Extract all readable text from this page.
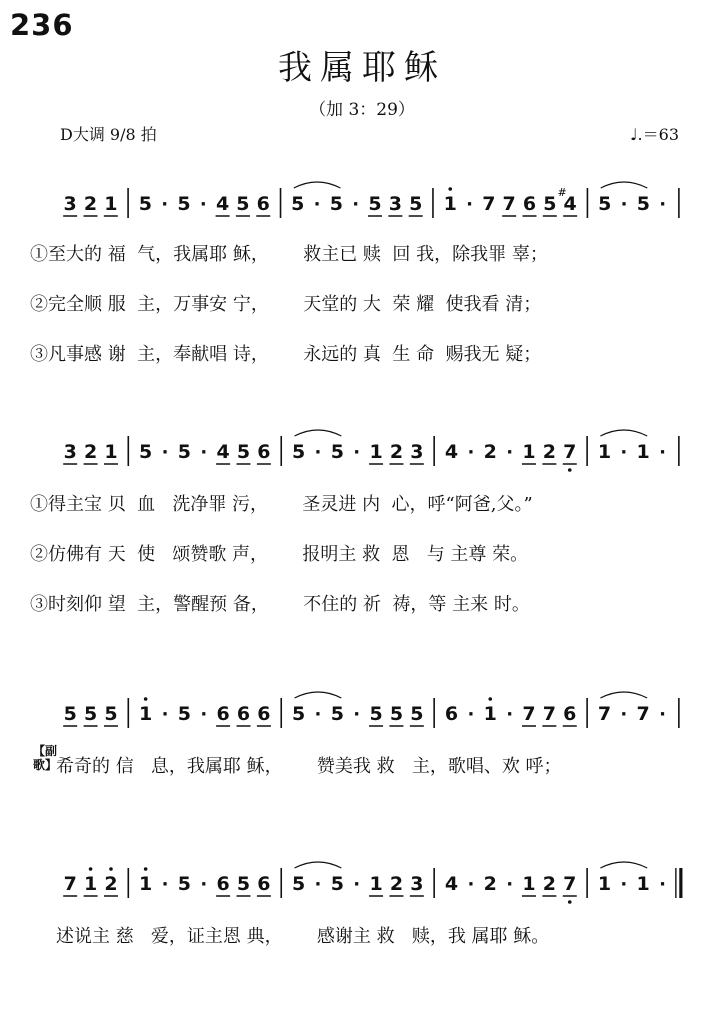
236
我属耶稣
（加 3：29）
D大调 9/8 拍	♩.＝63
3 2 1 5 · 5 · 4 5 6 5 · 5 · 5 3 5 1 · 7 7 6 5 4
#
5 · 5 ·
①至大的 福  气，我属耶 稣，      救主已 赎  回 我，除我罪 辜；
②完全顺 服  主，万事安 宁，      天堂的 大  荣 耀  使我看 清；
③凡事感 谢  主，奉献唱 诗，      永远的 真  生 命  赐我无 疑；
3 2 1 5 · 5 · 4 5 6 5 · 5 · 1 2 3 4 · 2 · 1 2 7 1 · 1 ·
①得主宝 贝  血   洗净罪 污，      圣灵进 内  心，呼“阿爸,父。”
②仿佛有 天  使   颂赞歌 声，      报明主 救  恩   与 主尊 荣。
③时刻仰 望  主，警醒预 备，      不住的 祈  祷，等 主来 时。
5 5 5 1 · 5 · 6 6 6 5 · 5 · 5 5 5 6 · 1 · 7 7 6 7 · 7 ·
【副歌】
希奇的 信   息，我属耶 稣，      赞美我 救   主，歌唱、欢 呼；
7 1 2 1 · 5 · 6 5 6 5 · 5 · 1 2 3 4 · 2 · 1 2 7 1 · 1 ·
述说主 慈   爱，证主恩 典，      感谢主 救   赎，我 属耶 稣。
